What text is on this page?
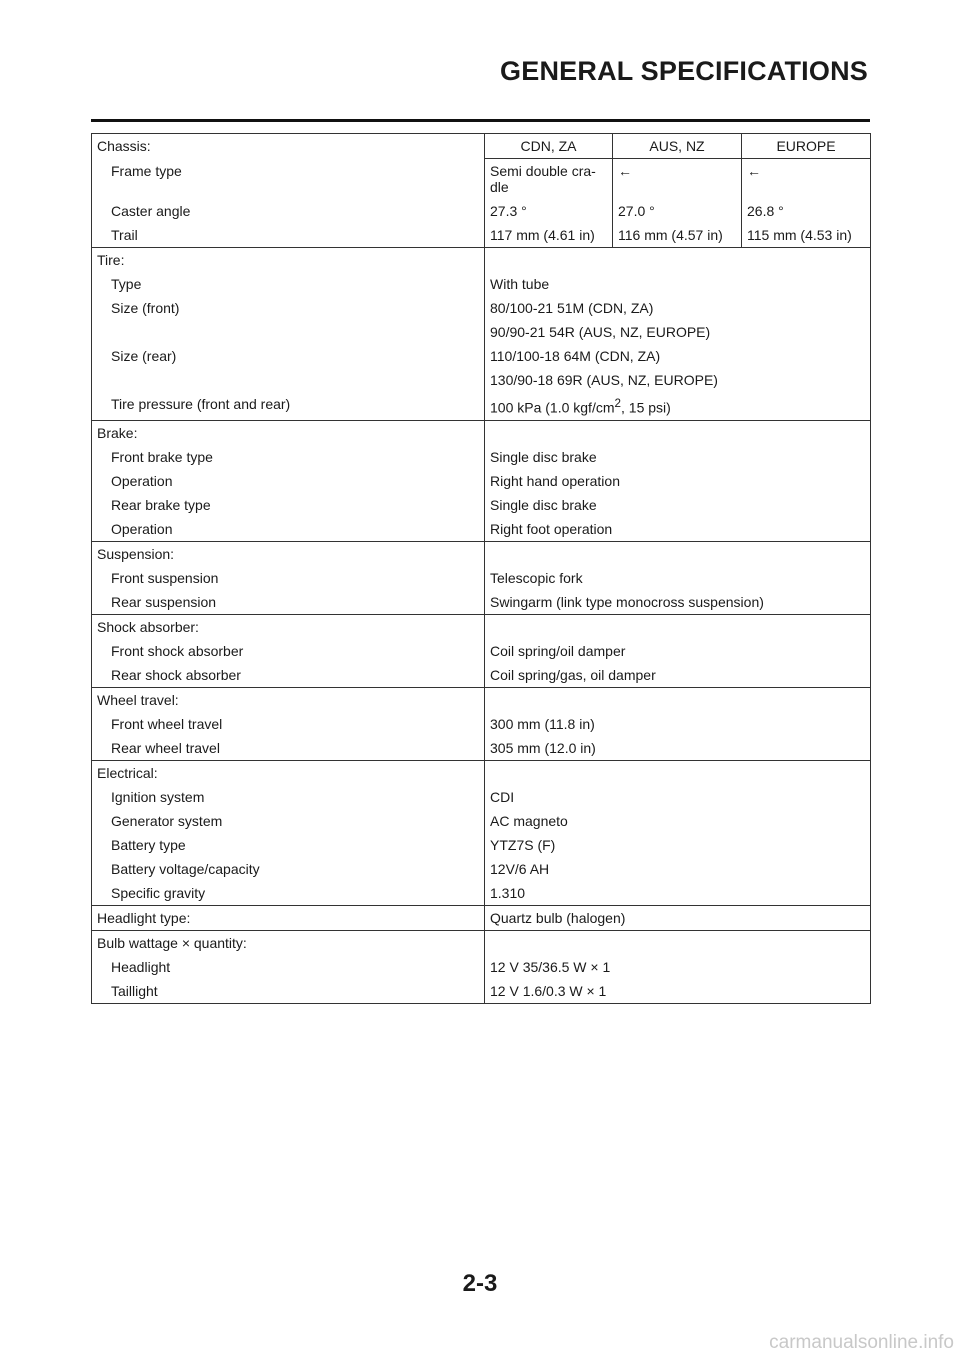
GENERAL SPECIFICATIONS
Chassis:	CDN, ZA	AUS, NZ	EUROPE
Frame type	Semi double cra-dle	←	←
Caster angle	27.3 °	27.0 °	26.8 °
Trail	117 mm (4.61 in)	116 mm (4.57 in)	115 mm (4.53 in)
Tire:			
Type	With tube		
Size (front)	80/100-21 51M (CDN, ZA)		
	90/90-21 54R (AUS, NZ, EUROPE)		
Size (rear)	110/100-18 64M (CDN, ZA)		
	130/90-18 69R (AUS, NZ, EUROPE)		
Tire pressure (front and rear)	100 kPa (1.0 kgf/$cm^2$, 15 psi)		
Brake:			
Front brake type	Single disc brake		
Operation	Right hand operation		
Rear brake type	Single disc brake		
Operation	Right foot operation		
Suspension:			
Front suspension	Telescopic fork		
Rear suspension	Swingarm (link type monocross suspension)		
Shock absorber:			
Front shock absorber	Coil spring/oil damper		
Rear shock absorber	Coil spring/gas, oil damper		
Wheel travel:			
Front wheel travel	300 mm (11.8 in)		
Rear wheel travel	305 mm (12.0 in)		
Electrical:			
Ignition system	CDI		
Generator system	AC magneto		
Battery type	YTZ7S (F)		
Battery voltage/capacity	12V/6 AH		
Specific gravity	1.310		
Headlight type:	Quartz bulb (halogen)		
Bulb wattage × quantity:			
Headlight	12 V 35/36.5 W × 1		
Taillight	12 V 1.6/0.3 W × 1		
2-3
carmanualsonline.info
